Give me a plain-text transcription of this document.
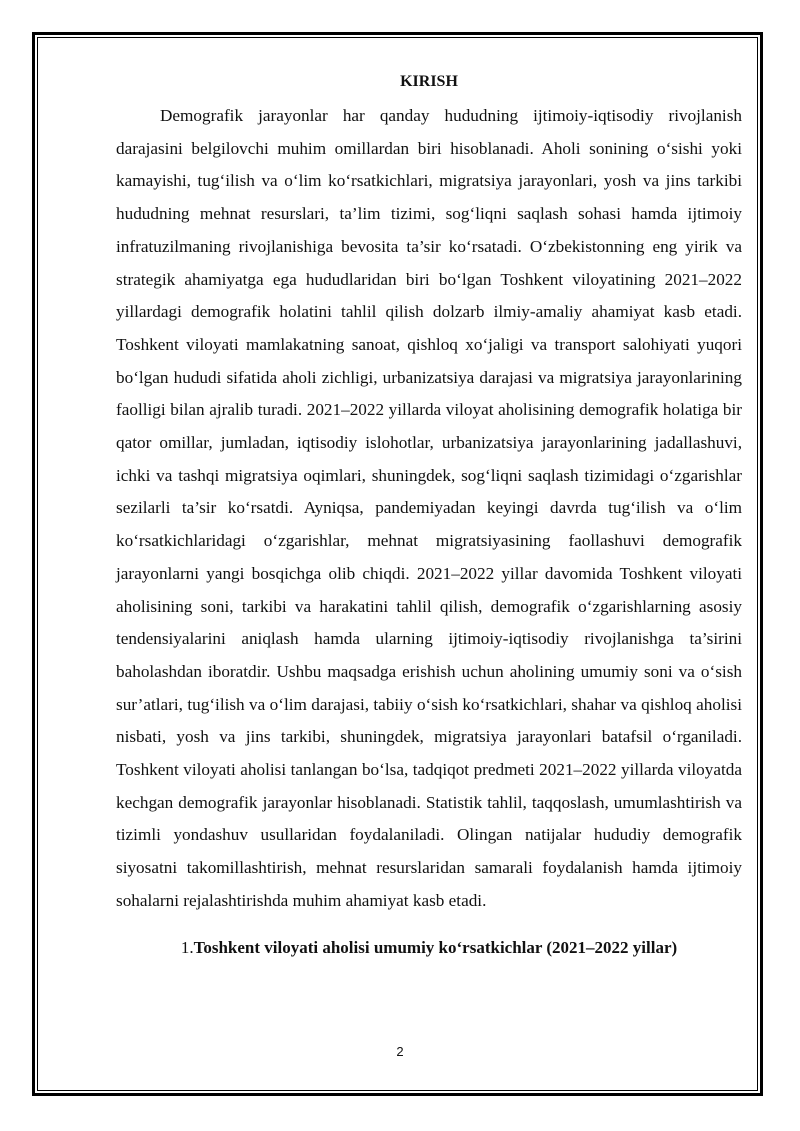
KIRISH

Demografik jarayonlar har qanday hududning ijtimoiy-iqtisodiy rivojlanish darajasini belgilovchi muhim omillardan biri hisoblanadi. Aholi sonining o‘sishi yoki kamayishi, tug‘ilish va o‘lim ko‘rsatkichlari, migratsiya jarayonlari, yosh va jins tarkibi hududning mehnat resurslari, ta’lim tizimi, sog‘liqni saqlash sohasi hamda ijtimoiy infratuzilmaning rivojlanishiga bevosita ta’sir ko‘rsatadi. O‘zbekistonning eng yirik va strategik ahamiyatga ega hududlaridan biri bo‘lgan Toshkent viloyatining 2021–2022 yillardagi demografik holatini tahlil qilish dolzarb ilmiy-amaliy ahamiyat kasb etadi. Toshkent viloyati mamlakatning sanoat, qishloq xo‘jaligi va transport salohiyati yuqori bo‘lgan hududi sifatida aholi zichligi, urbanizatsiya darajasi va migratsiya jarayonlarining faolligi bilan ajralib turadi. 2021–2022 yillarda viloyat aholisining demografik holatiga bir qator omillar, jumladan, iqtisodiy islohotlar, urbanizatsiya jarayonlarining jadallashuvi, ichki va tashqi migratsiya oqimlari, shuningdek, sog‘liqni saqlash tizimidagi o‘zgarishlar sezilarli ta’sir ko‘rsatdi. Ayniqsa, pandemiyadan keyingi davrda tug‘ilish va o‘lim ko‘rsatkichlaridagi o‘zgarishlar, mehnat migratsiyasining faollashuvi demografik jarayonlarni yangi bosqichga olib chiqdi. 2021–2022 yillar davomida Toshkent viloyati aholisining soni, tarkibi va harakatini tahlil qilish, demografik o‘zgarishlarning asosiy tendensiyalarini aniqlash hamda ularning ijtimoiy-iqtisodiy rivojlanishga ta’sirini baholashdan iboratdir. Ushbu maqsadga erishish uchun aholining umumiy soni va o‘sish sur’atlari, tug‘ilish va o‘lim darajasi, tabiiy o‘sish ko‘rsatkichlari, shahar va qishloq aholisi nisbati, yosh va jins tarkibi, shuningdek, migratsiya jarayonlari batafsil o‘rganiladi. Toshkent viloyati aholisi tanlangan bo‘lsa, tadqiqot predmeti 2021–2022 yillarda viloyatda kechgan demografik jarayonlar hisoblanadi. Statistik tahlil, taqqoslash, umumlashtirish va tizimli yondashuv usullaridan foydalaniladi. Olingan natijalar hududiy demografik siyosatni takomillashtirish, mehnat resurslaridan samarali foydalanish hamda ijtimoiy sohalarni rejalashtirishda muhim ahamiyat kasb etadi.

1.Toshkent viloyati aholisi umumiy ko‘rsatkichlar (2021–2022 yillar)

2
